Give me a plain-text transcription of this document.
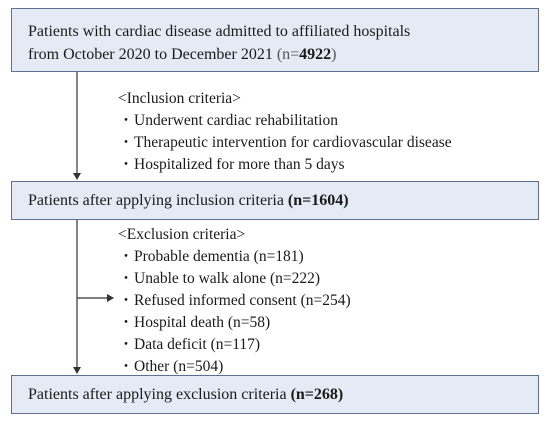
Patients with cardiac disease admitted to affiliated hospitals
from October 2020 to December 2021 (n=4922)
<Inclusion criteria>
・Underwent cardiac rehabilitation
・Therapeutic intervention for cardiovascular disease
・Hospitalized for more than 5 days
Patients after applying inclusion criteria (n=1604)
<Exclusion criteria>
・Probable dementia (n=181)
・Unable to walk alone (n=222)
・Refused informed consent (n=254)
・Hospital death (n=58)
・Data deficit (n=117)
・Other (n=504)
Patients after applying exclusion criteria (n=268)
